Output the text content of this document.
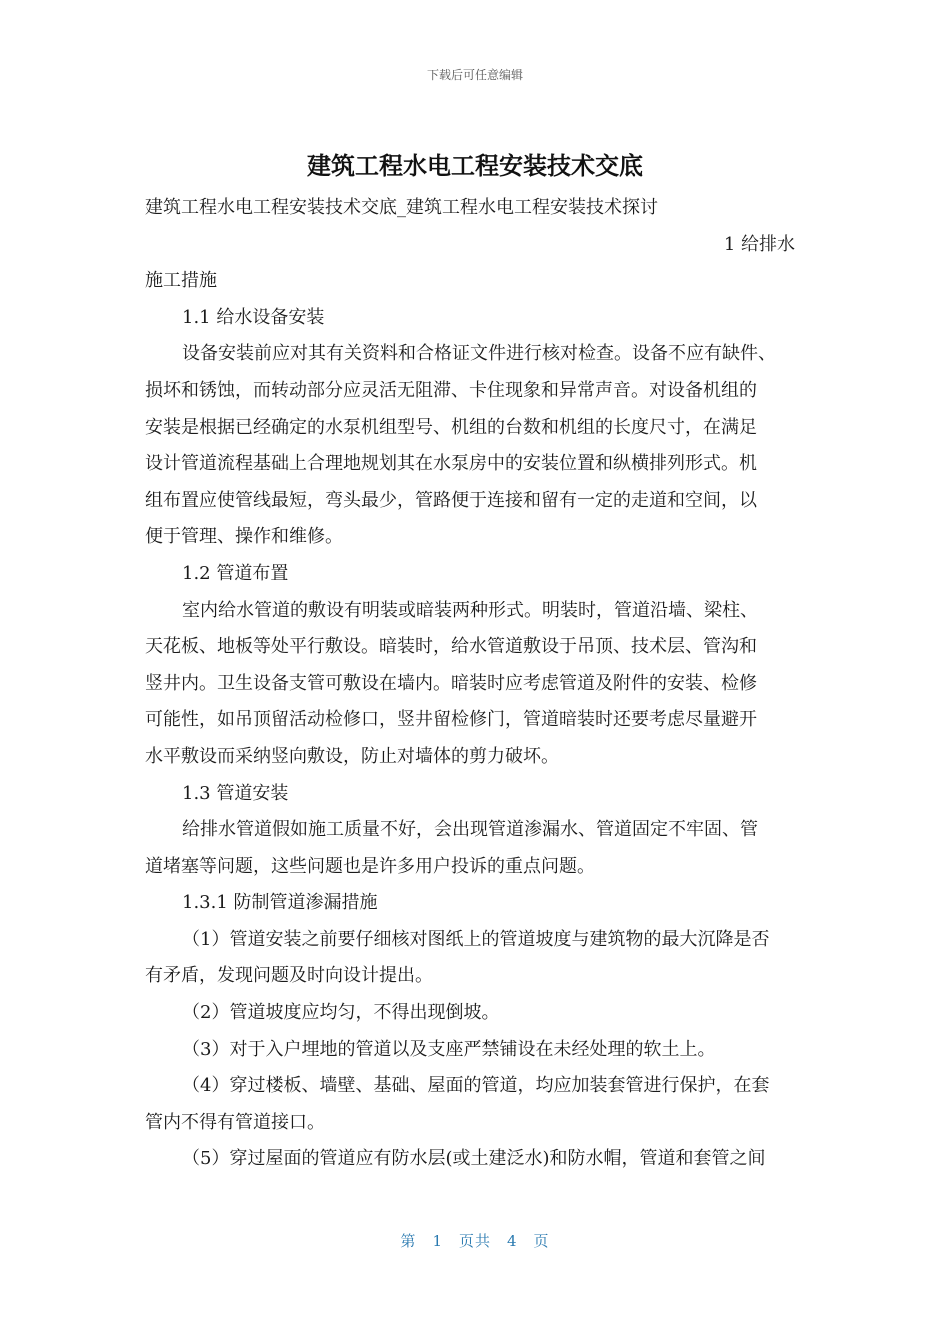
下载后可任意编辑
建筑工程水电工程安装技术交底
建筑工程水电工程安装技术交底_建筑工程水电工程安装技术探讨
1 给排水
施工措施
1.1 给水设备安装
设备安装前应对其有关资料和合格证文件进行核对检查。设备不应有缺件、
损坏和锈蚀，而转动部分应灵活无阻滞、卡住现象和异常声音。对设备机组的
安装是根据已经确定的水泵机组型号、机组的台数和机组的长度尺寸，在满足
设计管道流程基础上合理地规划其在水泵房中的安装位置和纵横排列形式。机
组布置应使管线最短，弯头最少，管路便于连接和留有一定的走道和空间，以
便于管理、操作和维修。
1.2 管道布置
室内给水管道的敷设有明装或暗装两种形式。明装时，管道沿墙、梁柱、
天花板、地板等处平行敷设。暗装时，给水管道敷设于吊顶、技术层、管沟和
竖井内。卫生设备支管可敷设在墙内。暗装时应考虑管道及附件的安装、检修
可能性，如吊顶留活动检修口，竖井留检修门，管道暗装时还要考虑尽量避开
水平敷设而采纳竖向敷设，防止对墙体的剪力破坏。
1.3 管道安装
给排水管道假如施工质量不好，会出现管道渗漏水、管道固定不牢固、管
道堵塞等问题，这些问题也是许多用户投诉的重点问题。
1.3.1 防制管道渗漏措施
（1）管道安装之前要仔细核对图纸上的管道坡度与建筑物的最大沉降是否
有矛盾，发现问题及时向设计提出。
（2）管道坡度应均匀，不得出现倒坡。
（3）对于入户埋地的管道以及支座严禁铺设在未经处理的软土上。
（4）穿过楼板、墙壁、基础、屋面的管道，均应加装套管进行保护，在套
管内不得有管道接口。
（5）穿过屋面的管道应有防水层(或土建泛水)和防水帽，管道和套管之间
第 1 页共 4 页
